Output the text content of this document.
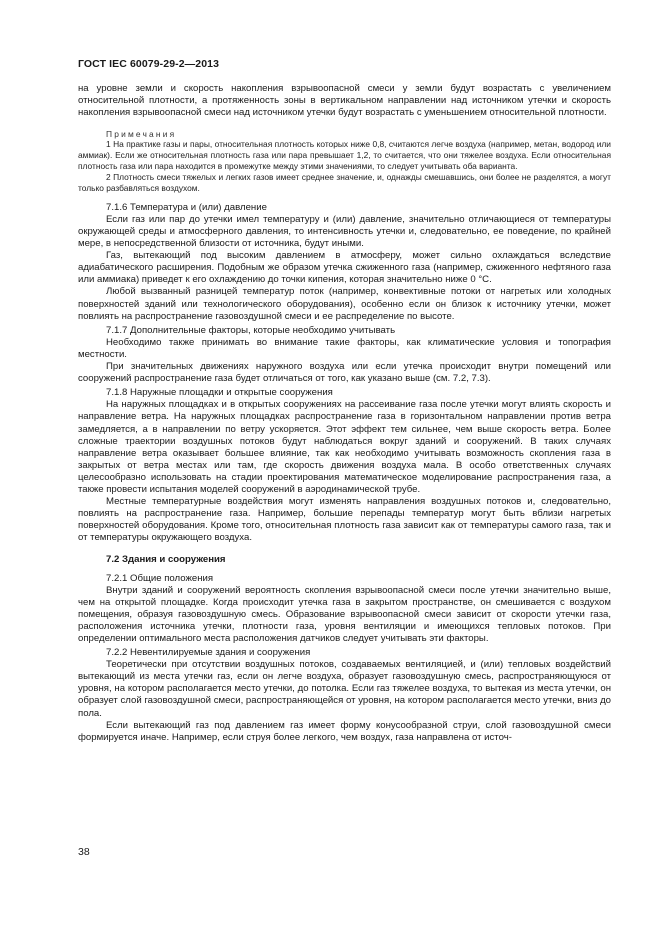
ГОСТ IEC 60079-29-2—2013

на уровне земли и скорость накопления взрывоопасной смеси у земли будут возрастать с увеличением относительной плотности, а протяженность зоны в вертикальном направлении над источником утечки и скорость накопления взрывоопасной смеси над источником утечки будут возрастать с уменьшением относительной плотности.

Примечания

1 На практике газы и пары, относительная плотность которых ниже 0,8, считаются легче воздуха (например, метан, водород или аммиак). Если же относительная плотность газа или пара превышает 1,2, то считается, что они тяжелее воздуха. Если относительная плотность газа или пара находится в промежутке между этими значениями, то следует учитывать оба варианта.

2 Плотность смеси тяжелых и легких газов имеет среднее значение, и, однажды смешавшись, они более не разделятся, а могут только разбавляться воздухом.

7.1.6 Температура и (или) давление

Если газ или пар до утечки имел температуру и (или) давление, значительно отличающиеся от температуры окружающей среды и атмосферного давления, то интенсивность утечки и, следовательно, ее поведение, по крайней мере, в непосредственной близости от источника, будут иными.

Газ, вытекающий под высоким давлением в атмосферу, может сильно охлаждаться вследствие адиабатического расширения. Подобным же образом утечка сжиженного газа (например, сжиженного нефтяного газа или аммиака) приведет к его охлаждению до точки кипения, которая значительно ниже 0 °C.

Любой вызванный разницей температур поток (например, конвективные потоки от нагретых или холодных поверхностей зданий или технологического оборудования), особенно если он близок к источнику утечки, может повлиять на распространение газовоздушной смеси и ее распределение по высоте.

7.1.7 Дополнительные факторы, которые необходимо учитывать

Необходимо также принимать во внимание такие факторы, как климатические условия и топография местности.

При значительных движениях наружного воздуха или если утечка происходит внутри помещений или сооружений распространение газа будет отличаться от того, как указано выше (см. 7.2, 7.3).

7.1.8 Наружные площадки и открытые сооружения

На наружных площадках и в открытых сооружениях на рассеивание газа после утечки могут влиять скорость и направление ветра. На наружных площадках распространение газа в горизонтальном направлении против ветра замедляется, а в направлении по ветру ускоряется. Этот эффект тем сильнее, чем выше скорость ветра. Более сложные траектории воздушных потоков будут наблюдаться вокруг зданий и сооружений. В таких случаях направление ветра оказывает большее влияние, так как необходимо учитывать возможность скопления газа в закрытых от ветра местах или там, где скорость движения воздуха мала. В особо ответственных случаях целесообразно использовать на стадии проектирования математическое моделирование распространения газа, а также провести испытания моделей сооружений в аэродинамической трубе.

Местные температурные воздействия могут изменять направления воздушных потоков и, следовательно, повлиять на распространение газа. Например, большие перепады температур могут быть вблизи нагретых поверхностей оборудования. Кроме того, относительная плотность газа зависит как от температуры самого газа, так и от температуры окружающего воздуха.

7.2 Здания и сооружения

7.2.1 Общие положения

Внутри зданий и сооружений вероятность скопления взрывоопасной смеси после утечки значительно выше, чем на открытой площадке. Когда происходит утечка газа в закрытом пространстве, он смешивается с воздухом помещения, образуя газовоздушную смесь. Образование взрывоопасной смеси зависит от скорости утечки газа, расположения источника утечки, плотности газа, уровня вентиляции и имеющихся тепловых потоков. При определении оптимального места расположения датчиков следует учитывать эти факторы.

7.2.2 Невентилируемые здания и сооружения

Теоретически при отсутствии воздушных потоков, создаваемых вентиляцией, и (или) тепловых воздействий вытекающий из места утечки газ, если он легче воздуха, образует газовоздушную смесь, распространяющуюся от уровня, на котором располагается место утечки, до потолка. Если газ тяжелее воздуха, то вытекая из места утечки, он образует слой газовоздушной смеси, распространяющейся от уровня, на котором располагается место утечки, вниз до пола.

Если вытекающий газ под давлением газ имеет форму конусообразной струи, слой газовоздушной смеси формируется иначе. Например, если струя более легкого, чем воздух, газа направлена от источ-

38
